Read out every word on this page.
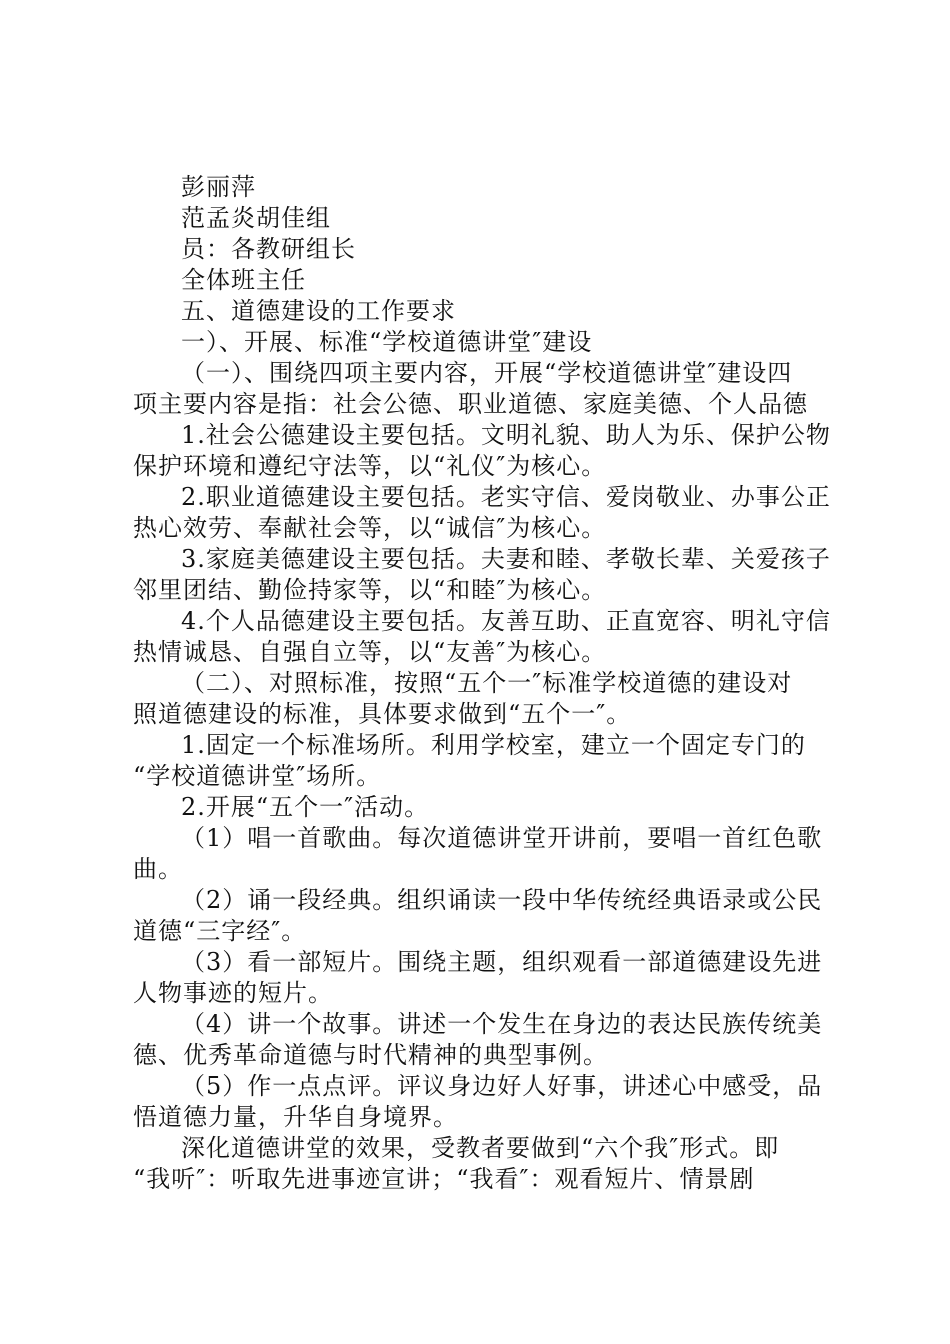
彭丽萍
范孟炎胡佳组
员：各教研组长
全体班主任
五、道德建设的工作要求
一）、开展、标准“学校道德讲堂″建设
（一）、围绕四项主要内容，开展“学校道德讲堂″建设四
项主要内容是指：社会公德、职业道德、家庭美德、个人品德
1.社会公德建设主要包括。文明礼貌、助人为乐、保护公物
保护环境和遵纪守法等，以“礼仪″为核心。
2.职业道德建设主要包括。老实守信、爱岗敬业、办事公正
热心效劳、奉献社会等，以“诚信″为核心。
3.家庭美德建设主要包括。夫妻和睦、孝敬长辈、关爱孩子
邻里团结、勤俭持家等，以“和睦″为核心。
4.个人品德建设主要包括。友善互助、正直宽容、明礼守信
热情诚恳、自强自立等，以“友善″为核心。
（二）、对照标准，按照“五个一″标准学校道德的建设对
照道德建设的标准，具体要求做到“五个一″。
1.固定一个标准场所。利用学校室，建立一个固定专门的
“学校道德讲堂″场所。
2.开展“五个一″活动。
（1）唱一首歌曲。每次道德讲堂开讲前，要唱一首红色歌
曲。
（2）诵一段经典。组织诵读一段中华传统经典语录或公民
道德“三字经″。
（3）看一部短片。围绕主题，组织观看一部道德建设先进
人物事迹的短片。
（4）讲一个故事。讲述一个发生在身边的表达民族传统美
德、优秀革命道德与时代精神的典型事例。
（5）作一点点评。评议身边好人好事，讲述心中感受，品
悟道德力量，升华自身境界。
深化道德讲堂的效果，受教者要做到“六个我″形式。即
“我听″：听取先进事迹宣讲；“我看″：观看短片、情景剧
